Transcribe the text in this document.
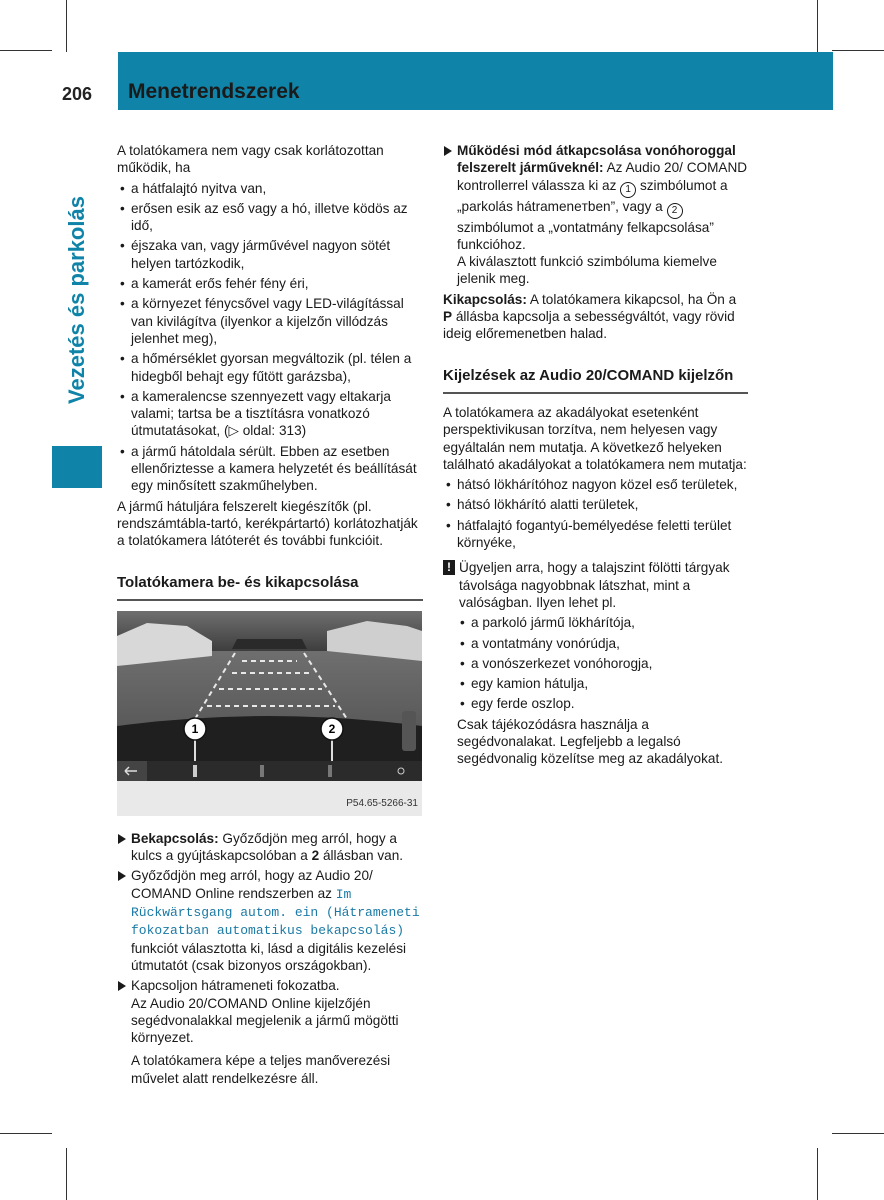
206 Menetrendszerek
Vezetés és parkolás

A tolatókamera nem vagy csak korlátozottan működik, ha

• a hátfalajtó nyitva van,
• erősen esik az eső vagy a hó, illetve ködös az idő,
• éjszaka van, vagy járművével nagyon sötét helyen tartózkodik,
• a kamerát erős fehér fény éri,
• a környezet fénycsővel vagy LED-világítással van kivilágítva (ilyenkor a kijelzőn villódzás jelenhet meg),
• a hőmérséklet gyorsan megváltozik (pl. télen a hidegből behajt egy fűtött garázsba),
• a kameralencse szennyezett vagy eltakarja valami; tartsa be a tisztításra vonatkozó útmutatásokat, (▷ oldal: 313)
• a jármű hátoldala sérült. Ebben az esetben ellenőriztesse a kamera helyzetét és beállítását egy minősített szakműhelyben.

A jármű hátuljára felszerelt kiegészítők (pl. rendszámtábla-tartó, kerékpártartó) korlátozhatják a tolatókamera látóterét és további funkcióit.

Tolatókamera be- és kikapcsolása
1	2
P54.65-5266-31
Bekapcsolás: Győződjön meg arról, hogy a kulcs a gyújtáskapcsolóban a 2 állásban van.
Győződjön meg arról, hogy az Audio 20/ COMAND Online rendszerben az Im Rückwärtsgang autom. ein (Hátrameneti fokozatban automatikus bekapcsolás) funkciót választotta ki, lásd a digitális kezelési útmutatót (csak bizonyos országokban).
Kapcsoljon hátrameneti fokozatba.
Az Audio 20/COMAND Online kijelzőjén segédvonalakkal megjelenik a jármű mögötti környezet.
A tolatókamera képe a teljes manőverezési művelet alatt rendelkezésre áll.
Működési mód átkapcsolása vonóhoroggal felszerelt járműveknél: Az Audio 20/ COMAND kontrollerrel válassza ki az 1 szimbólumot a „parkolás hátrameneтben”, vagy a 2 szimbólumot a „vontatmány felkapcsolása” funkcióhoz.
A kiválasztott funkció szimbóluma kiemelve jelenik meg.

Kikapcsolás: A tolatókamera kikapcsol, ha Ön a P állásba kapcsolja a sebességváltót, vagy rövid ideig előremenetben halad.

Kijelzések az Audio 20/COMAND kijelzőn

A tolatókamera az akadályokat esetenként perspektivikusan torzítva, nem helyesen vagy egyáltalán nem mutatja. A következő helyeken található akadályokat a tolatókamera nem mutatja:

• hátsó lökhárítóhoz nagyon közel eső területek,
• hátsó lökhárító alatti területek,
• hátfalajtó fogantyú-bemélyedése feletti terület környéke,
! Ügyeljen arra, hogy a talajszint fölötti tárgyak távolsága nagyobbnak látszhat, mint a valóságban. Ilyen lehet pl.
• a parkoló jármű lökhárítója,
• a vontatmány vonórúdja,
• a vonószerkezet vonóhorogja,
• egy kamion hátulja,
• egy ferde oszlop.

Csak tájékozódásra használja a segédvonalakat. Legfeljebb a legalsó segédvonalig közelítse meg az akadályokat.
